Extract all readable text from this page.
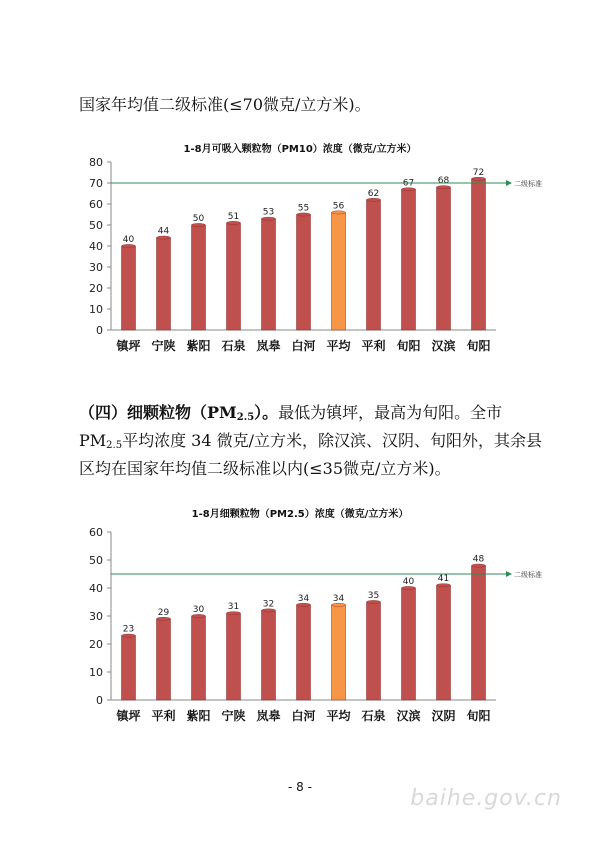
国家年均值二级标准(≤70微克/立方米)。
1-8月可吸入颗粒物（PM10）浓度（微克/立方米）
0
10
20
30
40
50
60
70
80
40
镇坪
44
宁陕
50
紫阳
51
石泉
53
岚皋
55
白河
56
平均
62
平利
67
旬阳
68
汉滨
72
旬阳
二级标准
（四）细颗粒物$(PM_{2.5})$。最低为镇坪，最高为旬阳。全市
$PM_{2.5}$平均浓度 34 微克/立方米，除汉滨、汉阴、旬阳外，其余县
区均在国家年均值二级标准以内(≤35微克/立方米)。
1-8月细颗粒物（PM2.5）浓度（微克/立方米）
0
10
20
30
40
50
60
23
镇坪
29
平利
30
紫阳
31
宁陕
32
岚皋
34
白河
34
平均
35
石泉
40
汉滨
41
汉阴
48
旬阳
二级标准
- 8 -	baihe.gov.cn
